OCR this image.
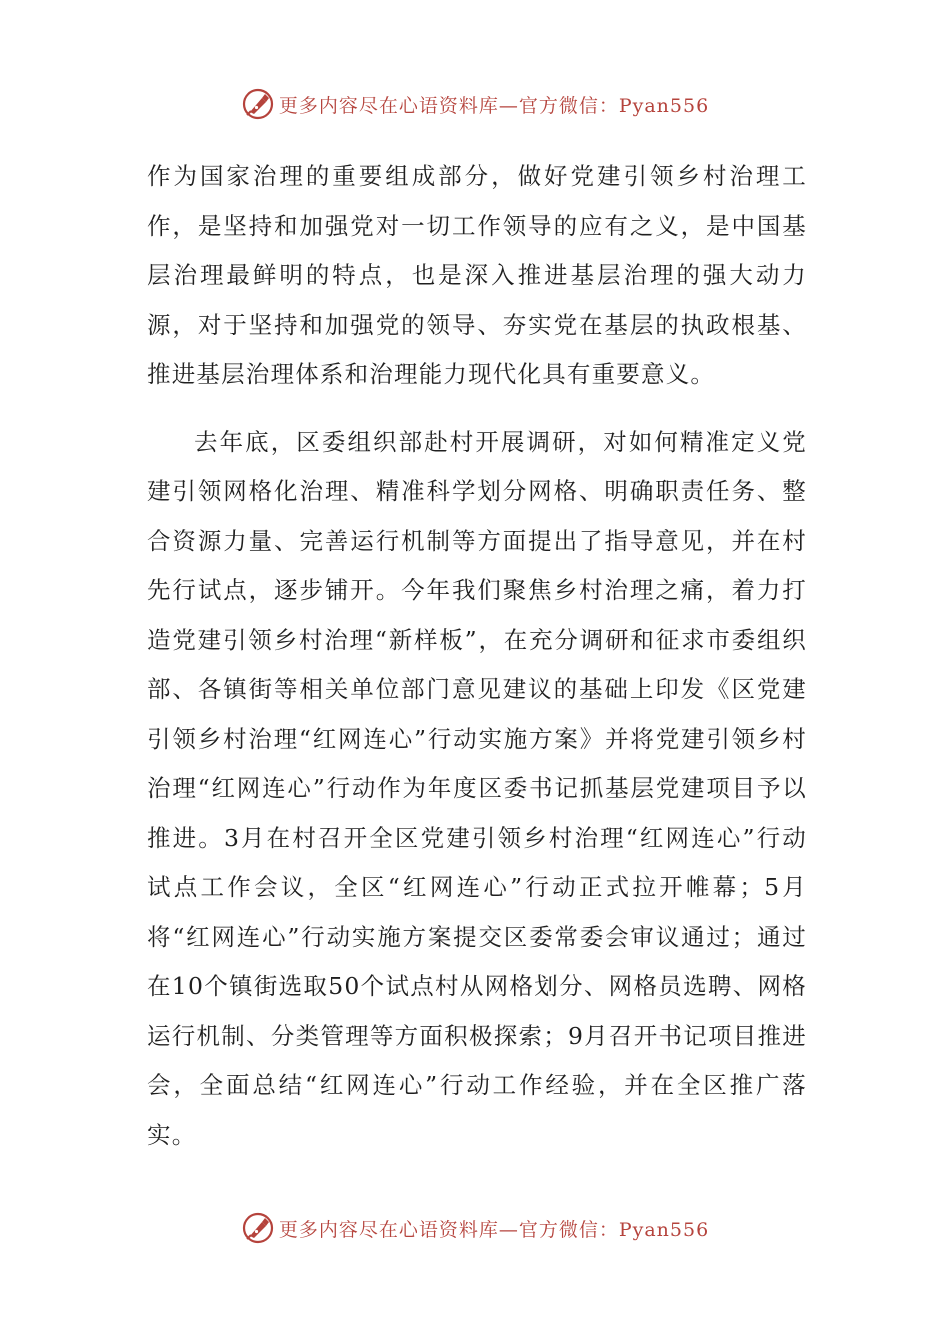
更多内容尽在心语资料库—官方微信：Pyan556

作为国家治理的重要组成部分，做好党建引领乡村治理工作，是坚持和加强党对一切工作领导的应有之义，是中国基层治理最鲜明的特点，也是深入推进基层治理的强大动力源，对于坚持和加强党的领导、夯实党在基层的执政根基、推进基层治理体系和治理能力现代化具有重要意义。

去年底，区委组织部赴村开展调研，对如何精准定义党建引领网格化治理、精准科学划分网格、明确职责任务、整合资源力量、完善运行机制等方面提出了指导意见，并在村先行试点，逐步铺开。今年我们聚焦乡村治理之痛，着力打造党建引领乡村治理“新样板”，在充分调研和征求市委组织部、各镇街等相关单位部门意见建议的基础上印发《区党建引领乡村治理“红网连心”行动实施方案》并将党建引领乡村治理“红网连心”行动作为年度区委书记抓基层党建项目予以推进。3月在村召开全区党建引领乡村治理“红网连心”行动试点工作会议，全区“红网连心”行动正式拉开帷幕；5月将“红网连心”行动实施方案提交区委常委会审议通过；通过在10个镇街选取50个试点村从网格划分、网格员选聘、网格运行机制、分类管理等方面积极探索；9月召开书记项目推进会，全面总结“红网连心”行动工作经验，并在全区推广落实。

更多内容尽在心语资料库—官方微信：Pyan556
